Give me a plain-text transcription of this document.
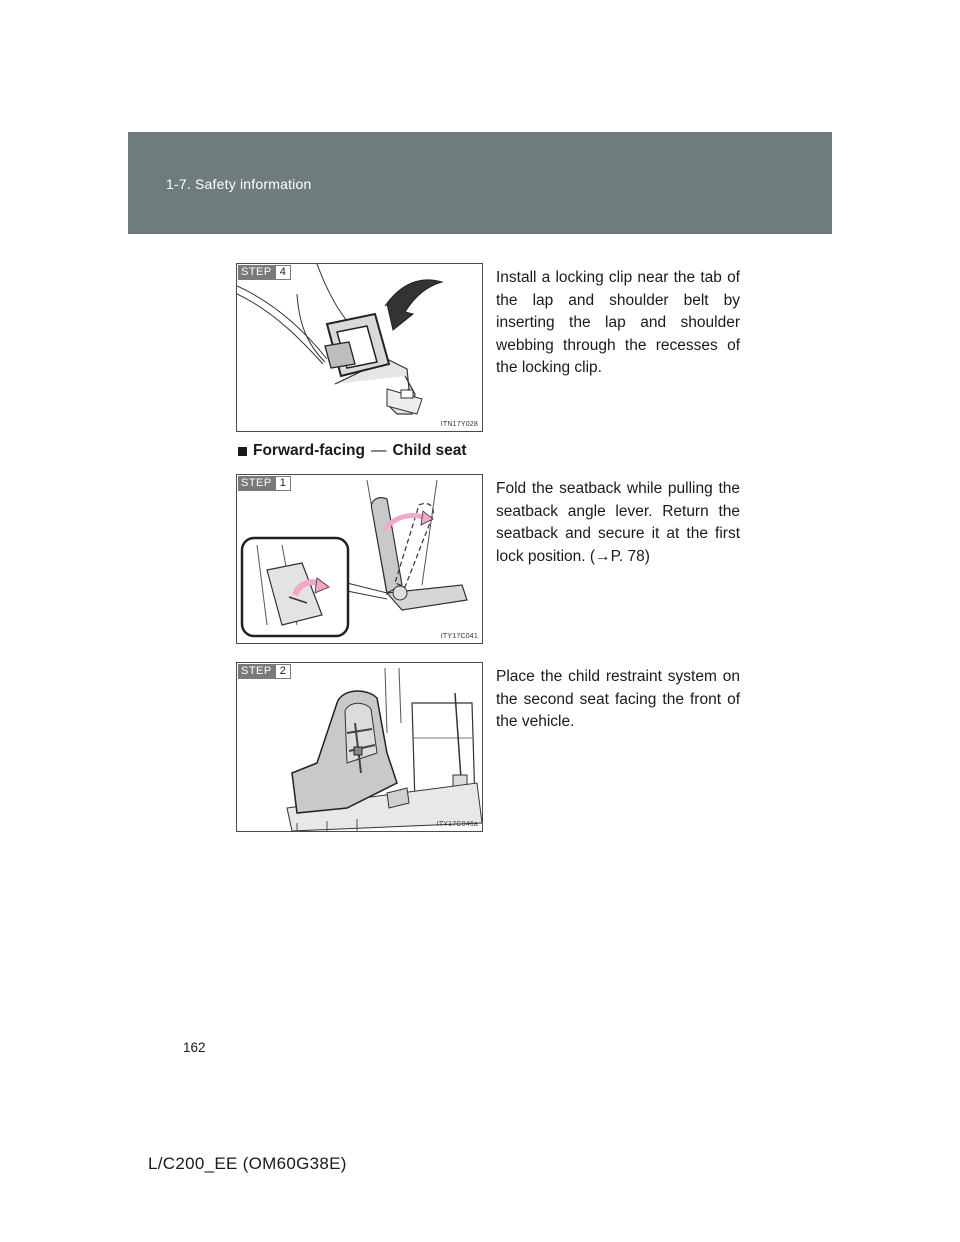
1-7. Safety information
STEP 4
ITN17Y028

Install a locking clip near the tab of the lap and shoulder belt by inserting the lap and shoulder webbing through the recesses of the locking clip.

Forward-facing — Child seat
STEP 1
ITY17C041

Fold the seatback while pulling the seatback angle lever. Return the seatback and secure it at the first lock position. (→P. 78)

STEP 2
ITY17C046a

Place the child restraint system on the second seat facing the front of the vehicle.

162
L/C200_EE (OM60G38E)
